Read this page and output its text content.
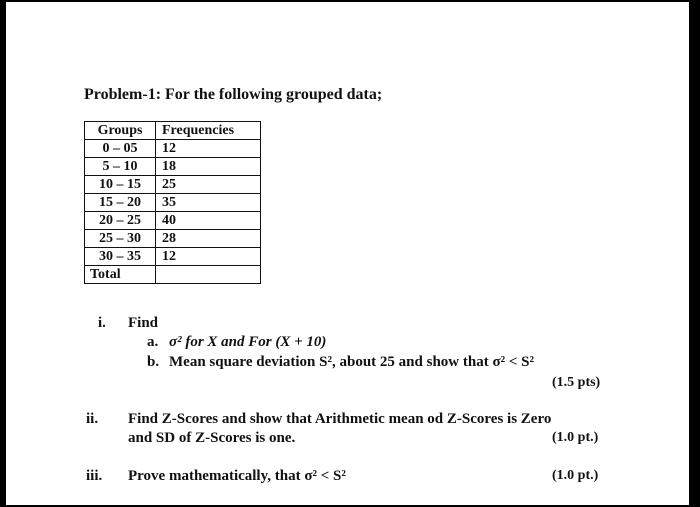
Problem-1: For the following grouped data;
Groups	Frequencies
0 – 05	12
5 – 10	18
10 – 15	25
15 – 20	35
20 – 25	40
25 – 30	28
30 – 35	12
Total	
i. Find
a. σ² for X and For (X + 10)
b. Mean square deviation S², about 25 and show that σ² < S²
(1.5 pts)
ii. Find Z-Scores and show that Arithmetic mean od Z-Scores is Zero
and SD of Z-Scores is one.	(1.0 pt.)
iii. Prove mathematically, that σ² < S²	(1.0 pt.)
